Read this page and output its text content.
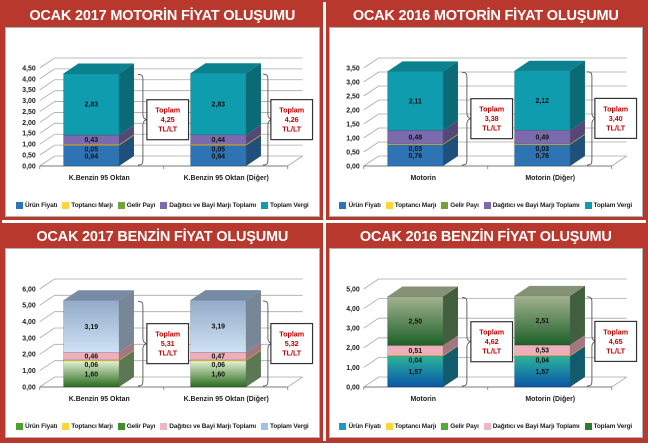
OCAK 2017 MOTORİN FİYAT OLUŞUMU
0,00
0,50
1,00
1,50
2,00
2,50
3,00
3,50
4,00
4,50
0,94
0,05
0,43
2,83
Toplam
4,25
TL/LT
K.Benzin 95 Oktan
0,94
0,05
0,44
2,83
Toplam
4,26
TL/LT
K.Benzin 95 Oktan (Diğer)
Ürün Fiyatı Toptancı Marjı Gelir Payı Dağıtıcı ve Bayi Marjı Toplamı Toplam Vergi
OCAK 2016 MOTORİN FİYAT OLUŞUMU
0,00
0,50
1,00
1,50
2,00
2,50
3,00
3,50
0,76
0,03
0,48
2,11
Toplam
3,38
TL/LT
Motorin
0,76
0,03
0,49
2,12
Toplam
3,40
TL/LT
Motorin (Diğer)
Ürün Fiyatı Toptancı Marjı Gelir Payı Dağıtıcı ve Bayi Marjı Toplamı Toplam Vergi
OCAK 2017 BENZİN FİYAT OLUŞUMU
0,00
1,00
2,00
3,00
4,00
5,00
6,00
1,60
0,06
0,46
3,19
Toplam
5,31
TL/LT
K.Benzin 95 Oktan
1,60
0,06
0,47
3,19
Toplam
5,32
TL/LT
K.Benzin 95 Oktan (Diğer)
Ürün Fiyatı Toptancı Marjı Gelir Payı Dağıtıcı ve Bayi Marjı Toplamı Toplam Vergi
OCAK 2016 BENZİN FİYAT OLUŞUMU
0,00
1,00
2,00
3,00
4,00
5,00
1,57
0,04
0,51
2,50
Toplam
4,62
TL/LT
Motorin
1,57
0,04
0,53
2,51
Toplam
4,65
TL/LT
Motorin (Diğer)
Ürün Fiyatı Toptancı Marjı Gelir Payı Dağıtıcı ve Bayi Marjı Toplamı Toplam Vergi
